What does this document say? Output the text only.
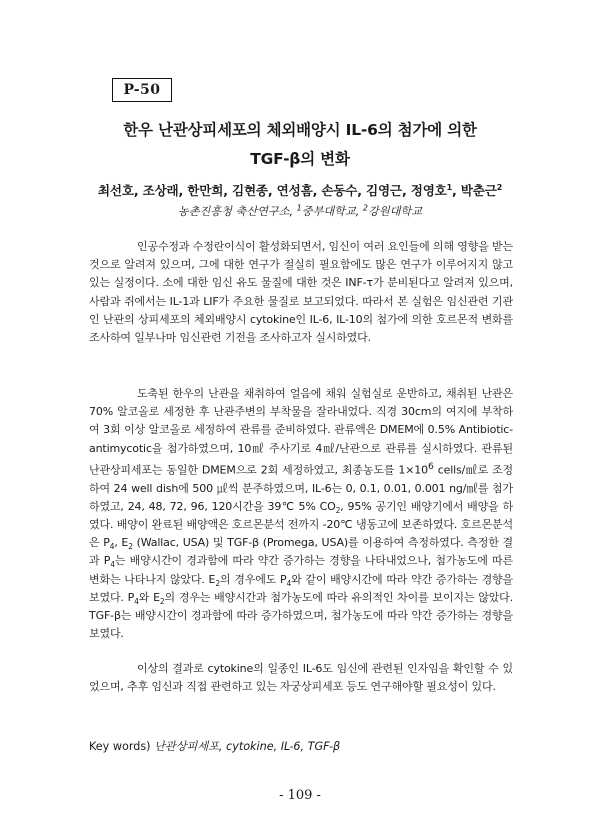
P-50
한우 난관상피세포의 체외배양시 IL-6의 첨가에 의한
TGF-β의 변화
최선호, 조상래, 한만희, 김현종, 연성흠, 손동수, 김영근, 정영호$^1$, 박춘근$^2$
농촌진흥청 축산연구소, $^1$중부대학교, $^2$강원대학교
인공수정과 수정란이식이 활성화되면서, 임신이 여러 요인들에 의해 영향을 받는 것으로 알려져 있으며, 그에 대한 연구가 절실히 필요함에도 많은 연구가 이루어지지 않고 있는 실정이다. 소에 대한 임신 유도 물질에 대한 것은 INF-τ가 분비된다고 알려져 있으며, 사람과 쥐에서는 IL-1과 LIF가 주요한 물질로 보고되었다. 따라서 본 실험은 임신관련 기관인 난관의 상피세포의 체외배양시 cytokine인 IL-6, IL-10의 첨가에 의한 호르몬적 변화를 조사하여 일부나마 임신관련 기전을 조사하고자 실시하였다.
도축된 한우의 난관을 채취하여 얼음에 채워 실험실로 운반하고, 채취된 난관은 70% 알코올로 세정한 후 난관주변의 부착물을 잘라내었다. 직경 30cm의 여지에 부착하여 3회 이상 알코올로 세정하여 관류를 준비하였다. 관류액은 DMEM에 0.5% Antibiotic-antimycotic을 첨가하였으며, 10㎖ 주사기로 4㎖/난관으로 관류를 실시하였다. 관류된 난관상피세포는 동일한 DMEM으로 2회 세정하였고, 최종농도를 $1\times 10^6$ cells/㎖로 조정하여 24 well dish에 500 ㎕씩 분주하였으며, IL-6는 0, 0.1, 0.01, 0.001 ng/㎖를 첨가하였고, 24, 48, 72, 96, 120시간을 39℃ 5% $CO_2$, 95% 공기인 배양기에서 배양을 하였다. 배양이 완료된 배양액은 호르몬분석 전까지 -20℃ 냉동고에 보존하였다. 호르몬분석은 $P_4$, $E_2$ (Wallac, USA) 및 TGF-β (Promega, USA)를 이용하여 측정하였다. 측정한 결과 $P_4$는 배양시간이 경과함에 따라 약간 증가하는 경향을 나타내었으나, 첨가농도에 따른 변화는 나타나지 않았다. $E_2$의 경우에도 $P_4$와 같이 배양시간에 따라 약간 증가하는 경향을 보였다. $P_4$와 $E_2$의 경우는 배양시간과 첨가농도에 따라 유의적인 차이를 보이지는 않았다. TGF-β는 배양시간이 경과함에 따라 증가하였으며, 첨가농도에 따라 약간 증가하는 경향을 보였다.
이상의 결과로 cytokine의 일종인 IL-6도 임신에 관련된 인자임을 확인할 수 있었으며, 추후 임신과 직접 관련하고 있는 자궁상피세포 등도 연구해야할 필요성이 있다.
Key words) 난관상피세포, cytokine, IL-6, TGF-β
- 109 -
